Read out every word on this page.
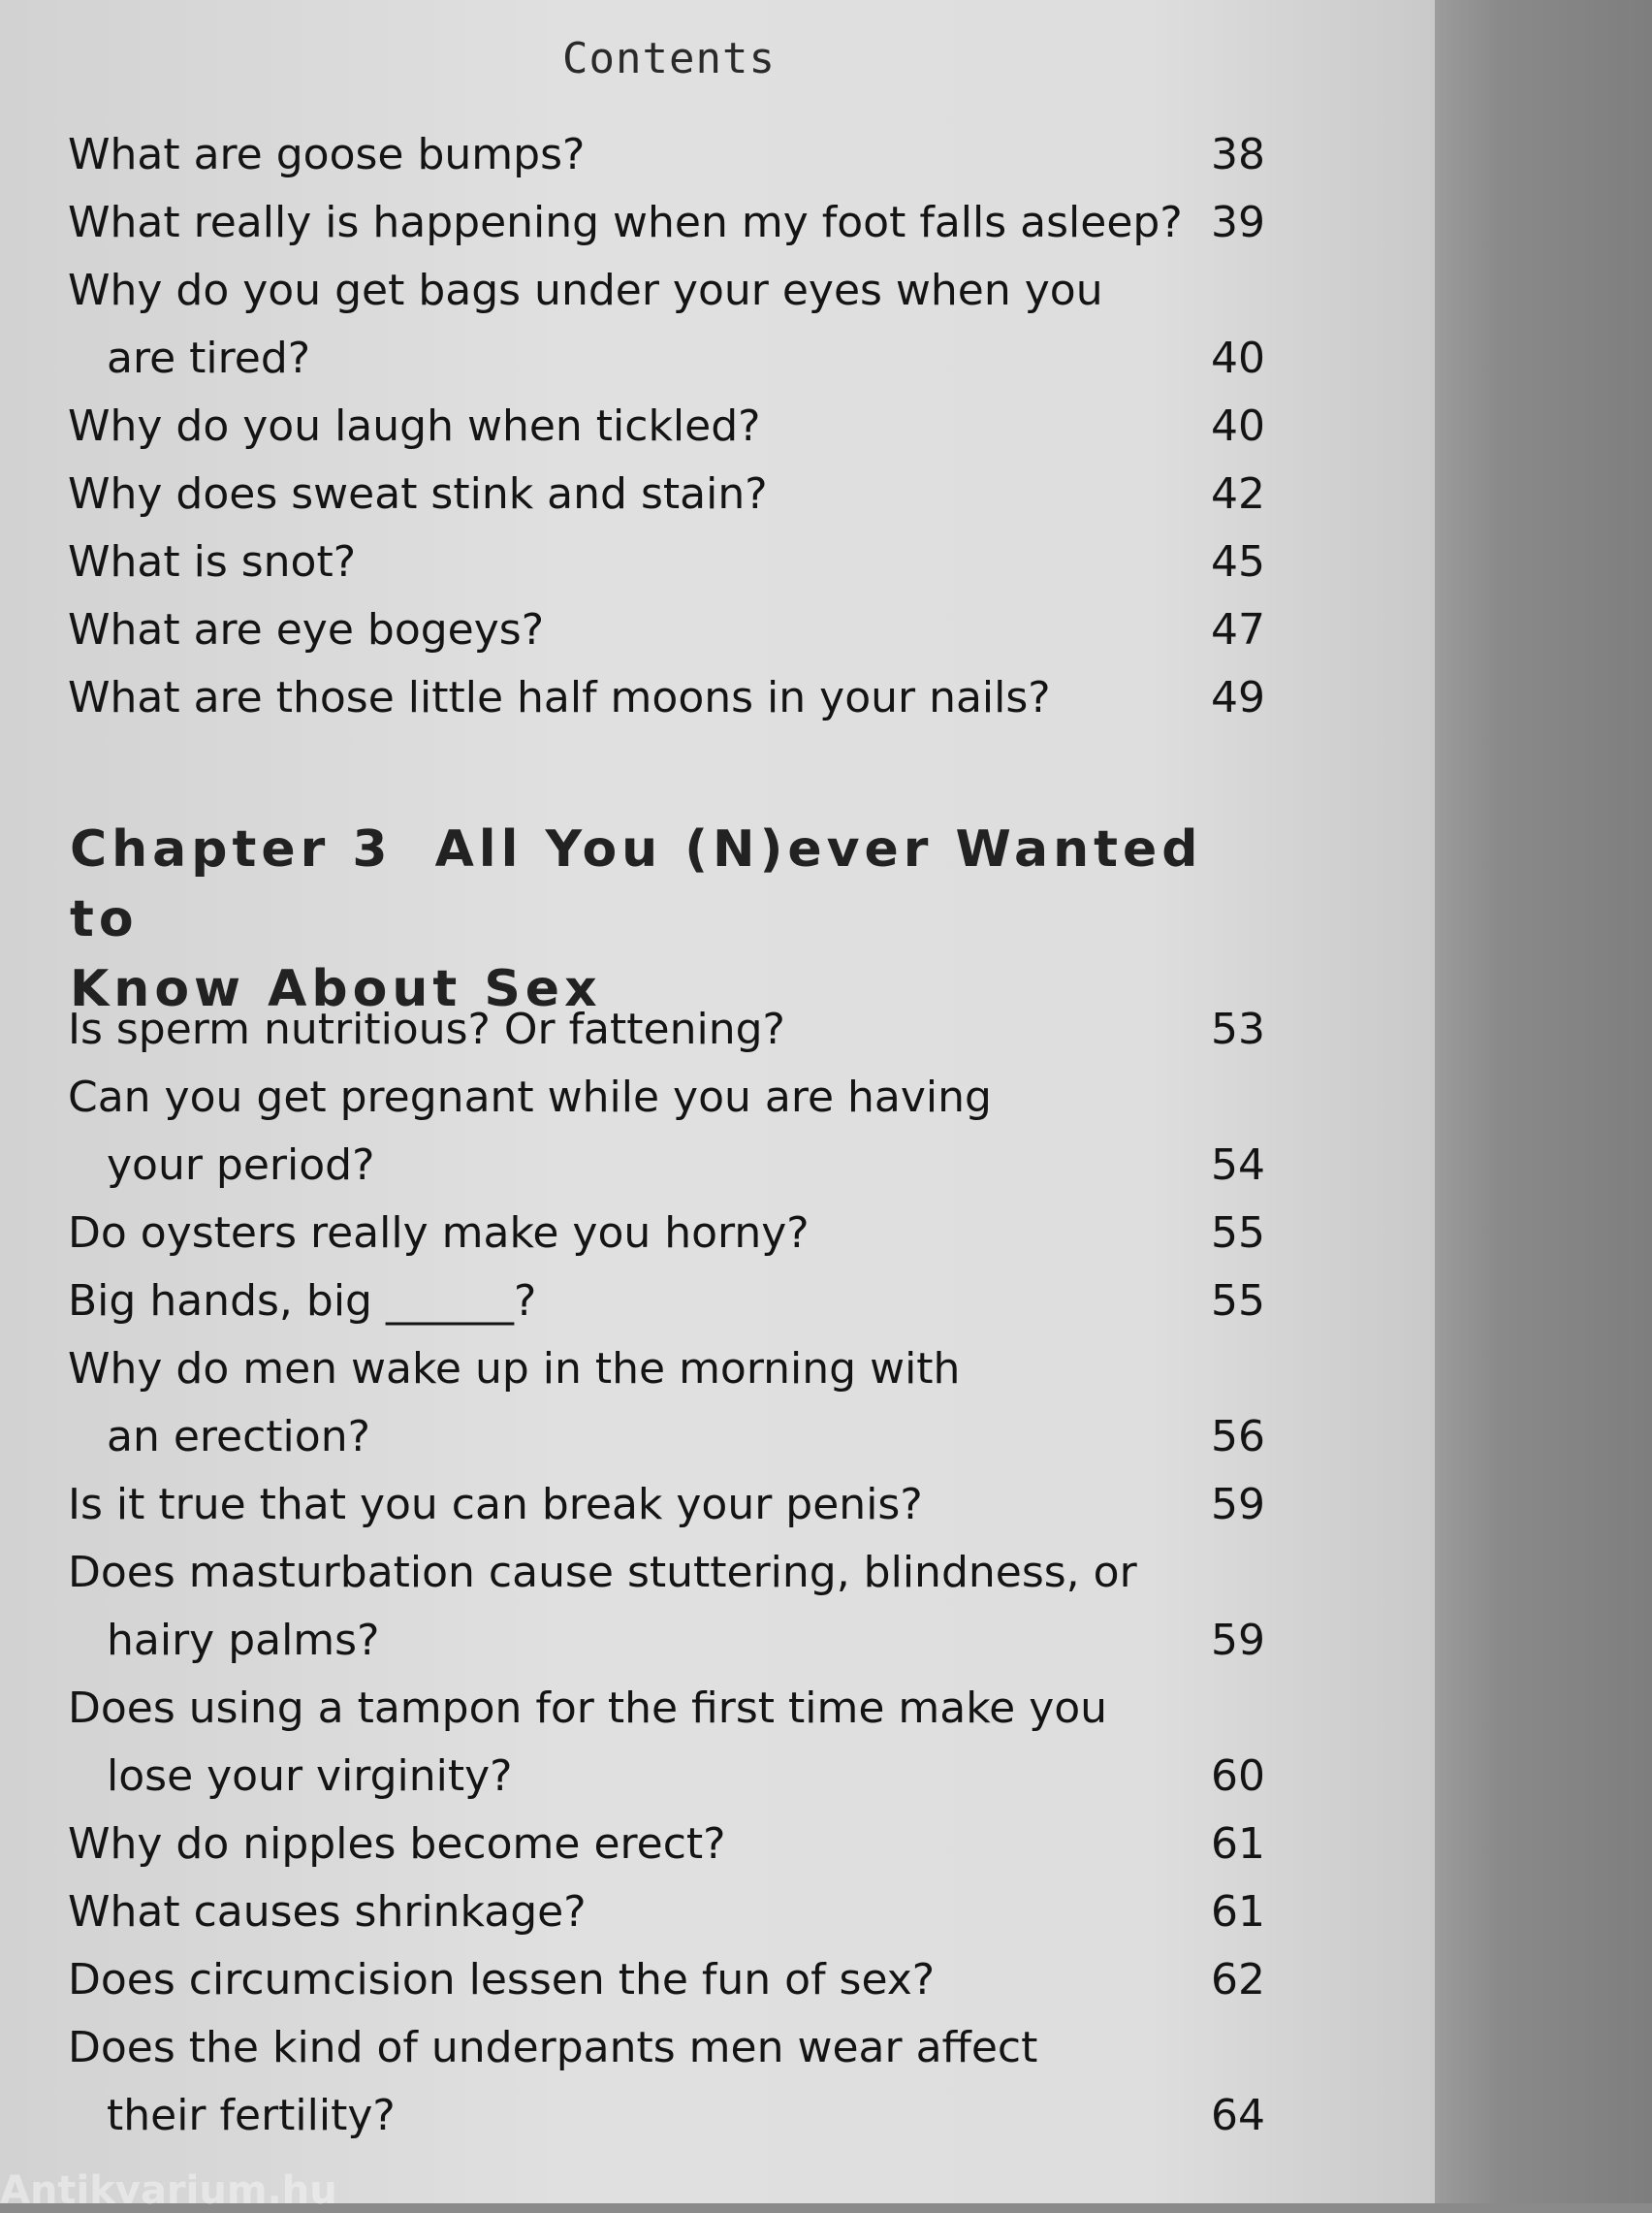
Contents
What are goose bumps?	38
What really is happening when my foot falls asleep? 39
Why do you get bags under your eyes when you
are tired?	40
Why do you laugh when tickled?	40
Why does sweat stink and stain?	42
What is snot?	45
What are eye bogeys?	47
What are those little half moons in your nails?	49
Chapter 3 All You (N)ever Wanted to
Know About Sex
Is sperm nutritious? Or fattening?	53
Can you get pregnant while you are having
your period?	54
Do oysters really make you horny?	55
Big hands, big ______?	55
Why do men wake up in the morning with
an erection?	56
Is it true that you can break your penis?	59
Does masturbation cause stuttering, blindness, or
hairy palms?	59
Does using a tampon for the first time make you
lose your virginity?	60
Why do nipples become erect?	61
What causes shrinkage?	61
Does circumcision lessen the fun of sex?	62
Does the kind of underpants men wear affect
their fertility?	64
Antikvarium.hu
